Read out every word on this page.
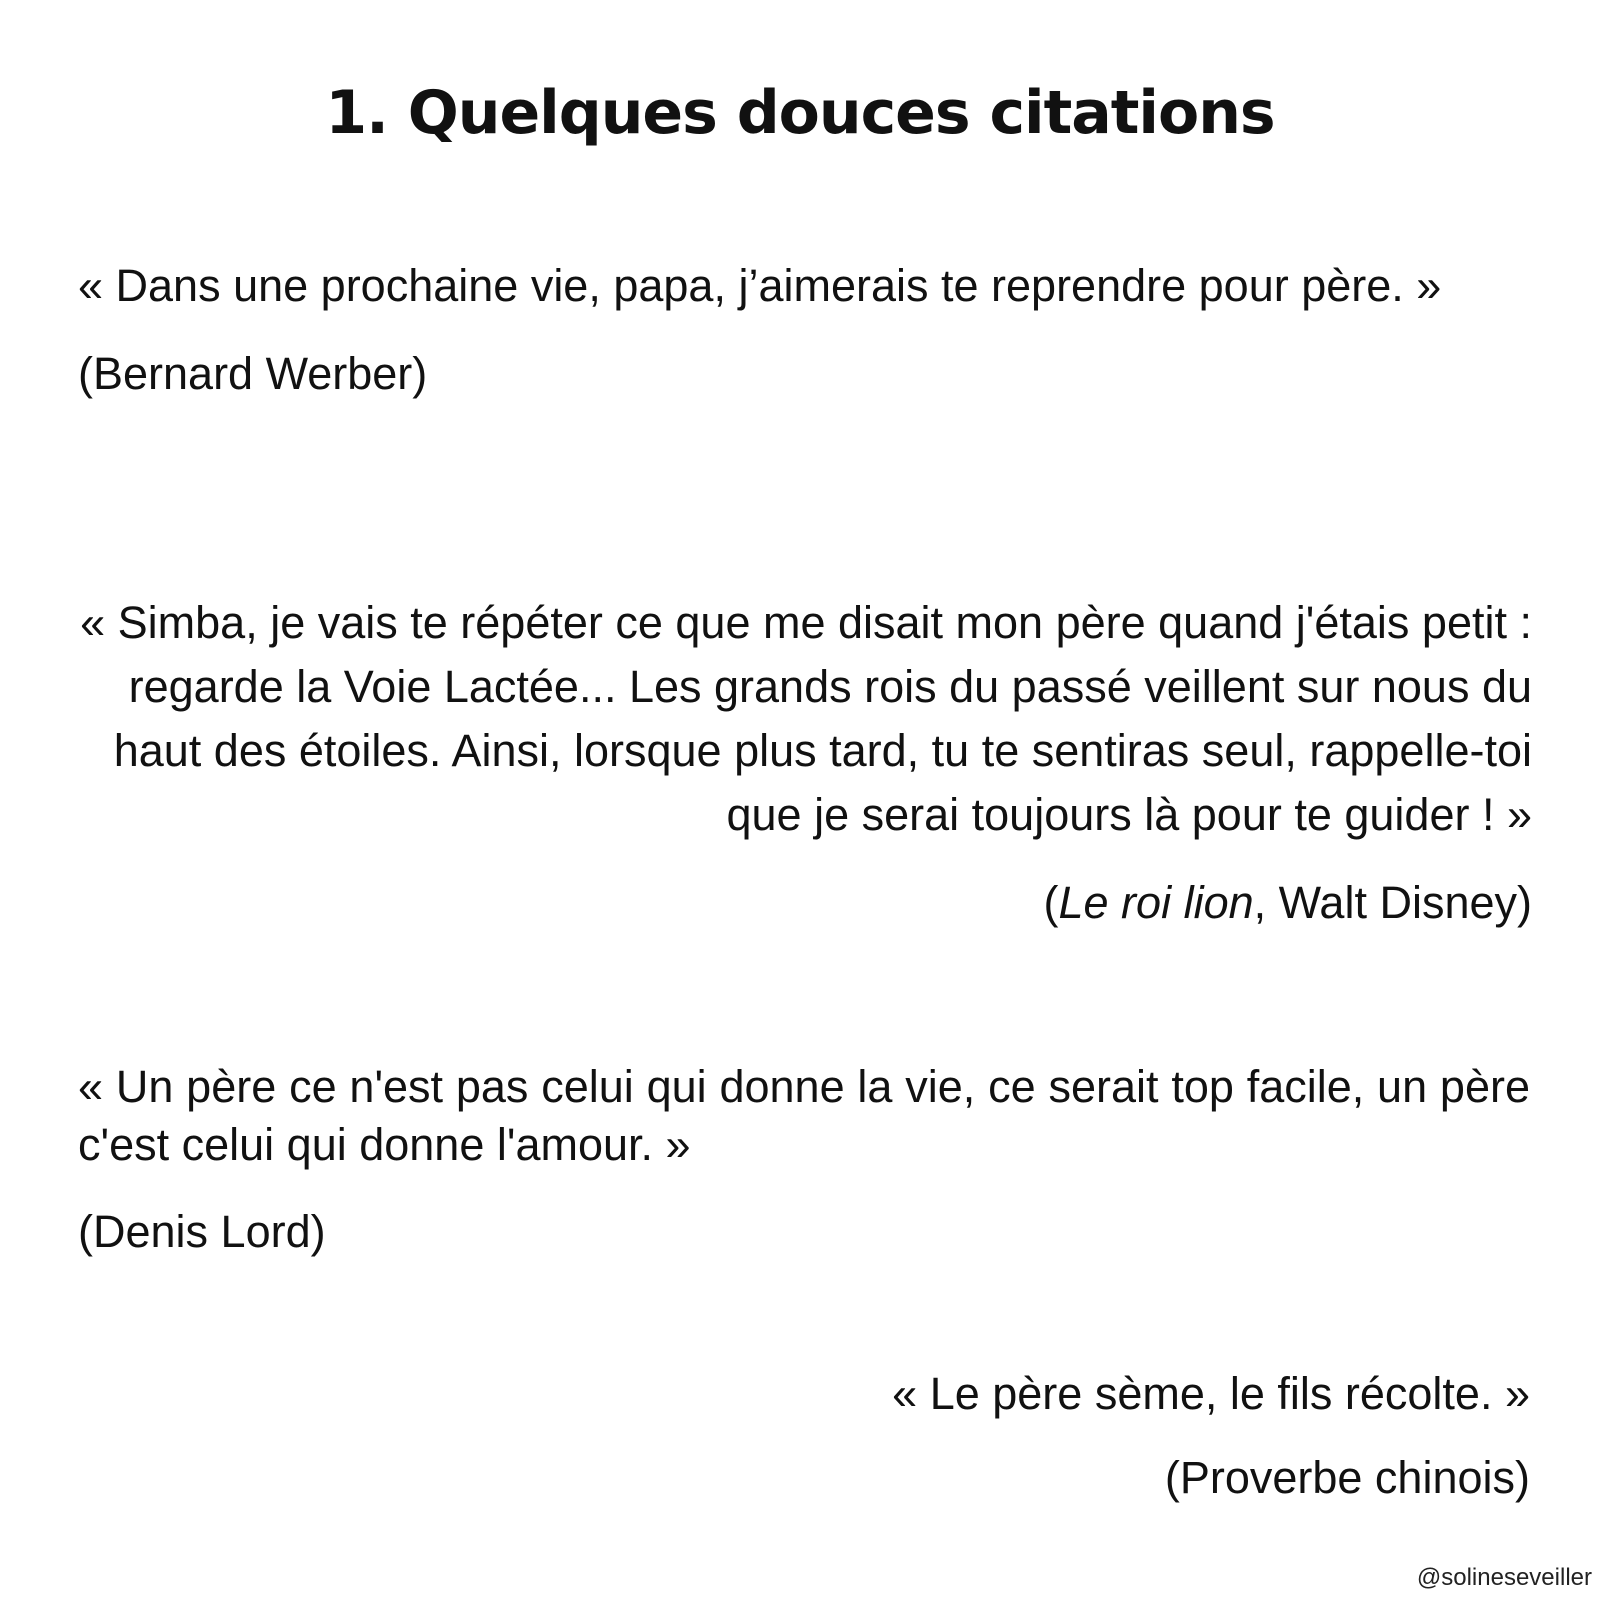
1. Quelques douces citations

« Dans une prochaine vie, papa, j’aimerais te reprendre pour père. »

(Bernard Werber)

« Simba, je vais te répéter ce que me disait mon père quand j'étais petit : regarde la Voie Lactée... Les grands rois du passé veillent sur nous du haut des étoiles. Ainsi, lorsque plus tard, tu te sentiras seul, rappelle-toi que je serai toujours là pour te guider ! »

(Le roi lion, Walt Disney)

« Un père ce n'est pas celui qui donne la vie, ce serait top facile, un père c'est celui qui donne l'amour. »

(Denis Lord)

« Le père sème, le fils récolte. »

(Proverbe chinois)

@solineseveiller
